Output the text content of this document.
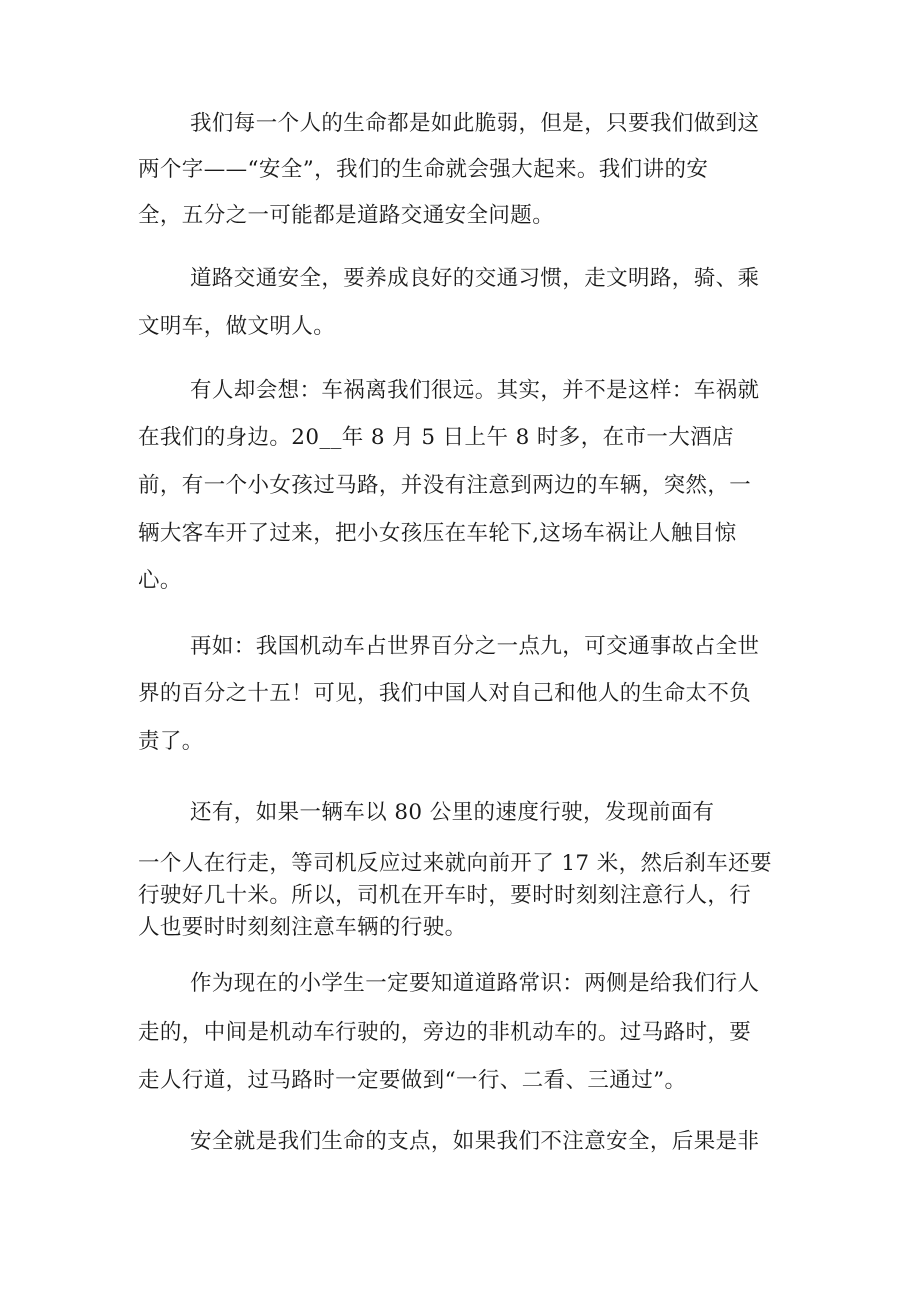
我们每一个人的生命都是如此脆弱，但是，只要我们做到这
两个字——“安全”，我们的生命就会强大起来。我们讲的安
全，五分之一可能都是道路交通安全问题。
道路交通安全，要养成良好的交通习惯，走文明路，骑、乘
文明车，做文明人。
有人却会想：车祸离我们很远。其实，并不是这样：车祸就
在我们的身边。20__年 8 月 5 日上午 8 时多，在市一大酒店
前，有一个小女孩过马路，并没有注意到两边的车辆，突然，一
辆大客车开了过来，把小女孩压在车轮下,这场车祸让人触目惊
心。
再如：我国机动车占世界百分之一点九，可交通事故占全世
界的百分之十五！可见，我们中国人对自己和他人的生命太不负
责了。
还有，如果一辆车以 80 公里的速度行驶，发现前面有
一个人在行走，等司机反应过来就向前开了 17 米，然后刹车还要
行驶好几十米。所以，司机在开车时，要时时刻刻注意行人，行
人也要时时刻刻注意车辆的行驶。
作为现在的小学生一定要知道道路常识：两侧是给我们行人
走的，中间是机动车行驶的，旁边的非机动车的。过马路时，要
走人行道，过马路时一定要做到“一行、二看、三通过”。
安全就是我们生命的支点，如果我们不注意安全，后果是非
